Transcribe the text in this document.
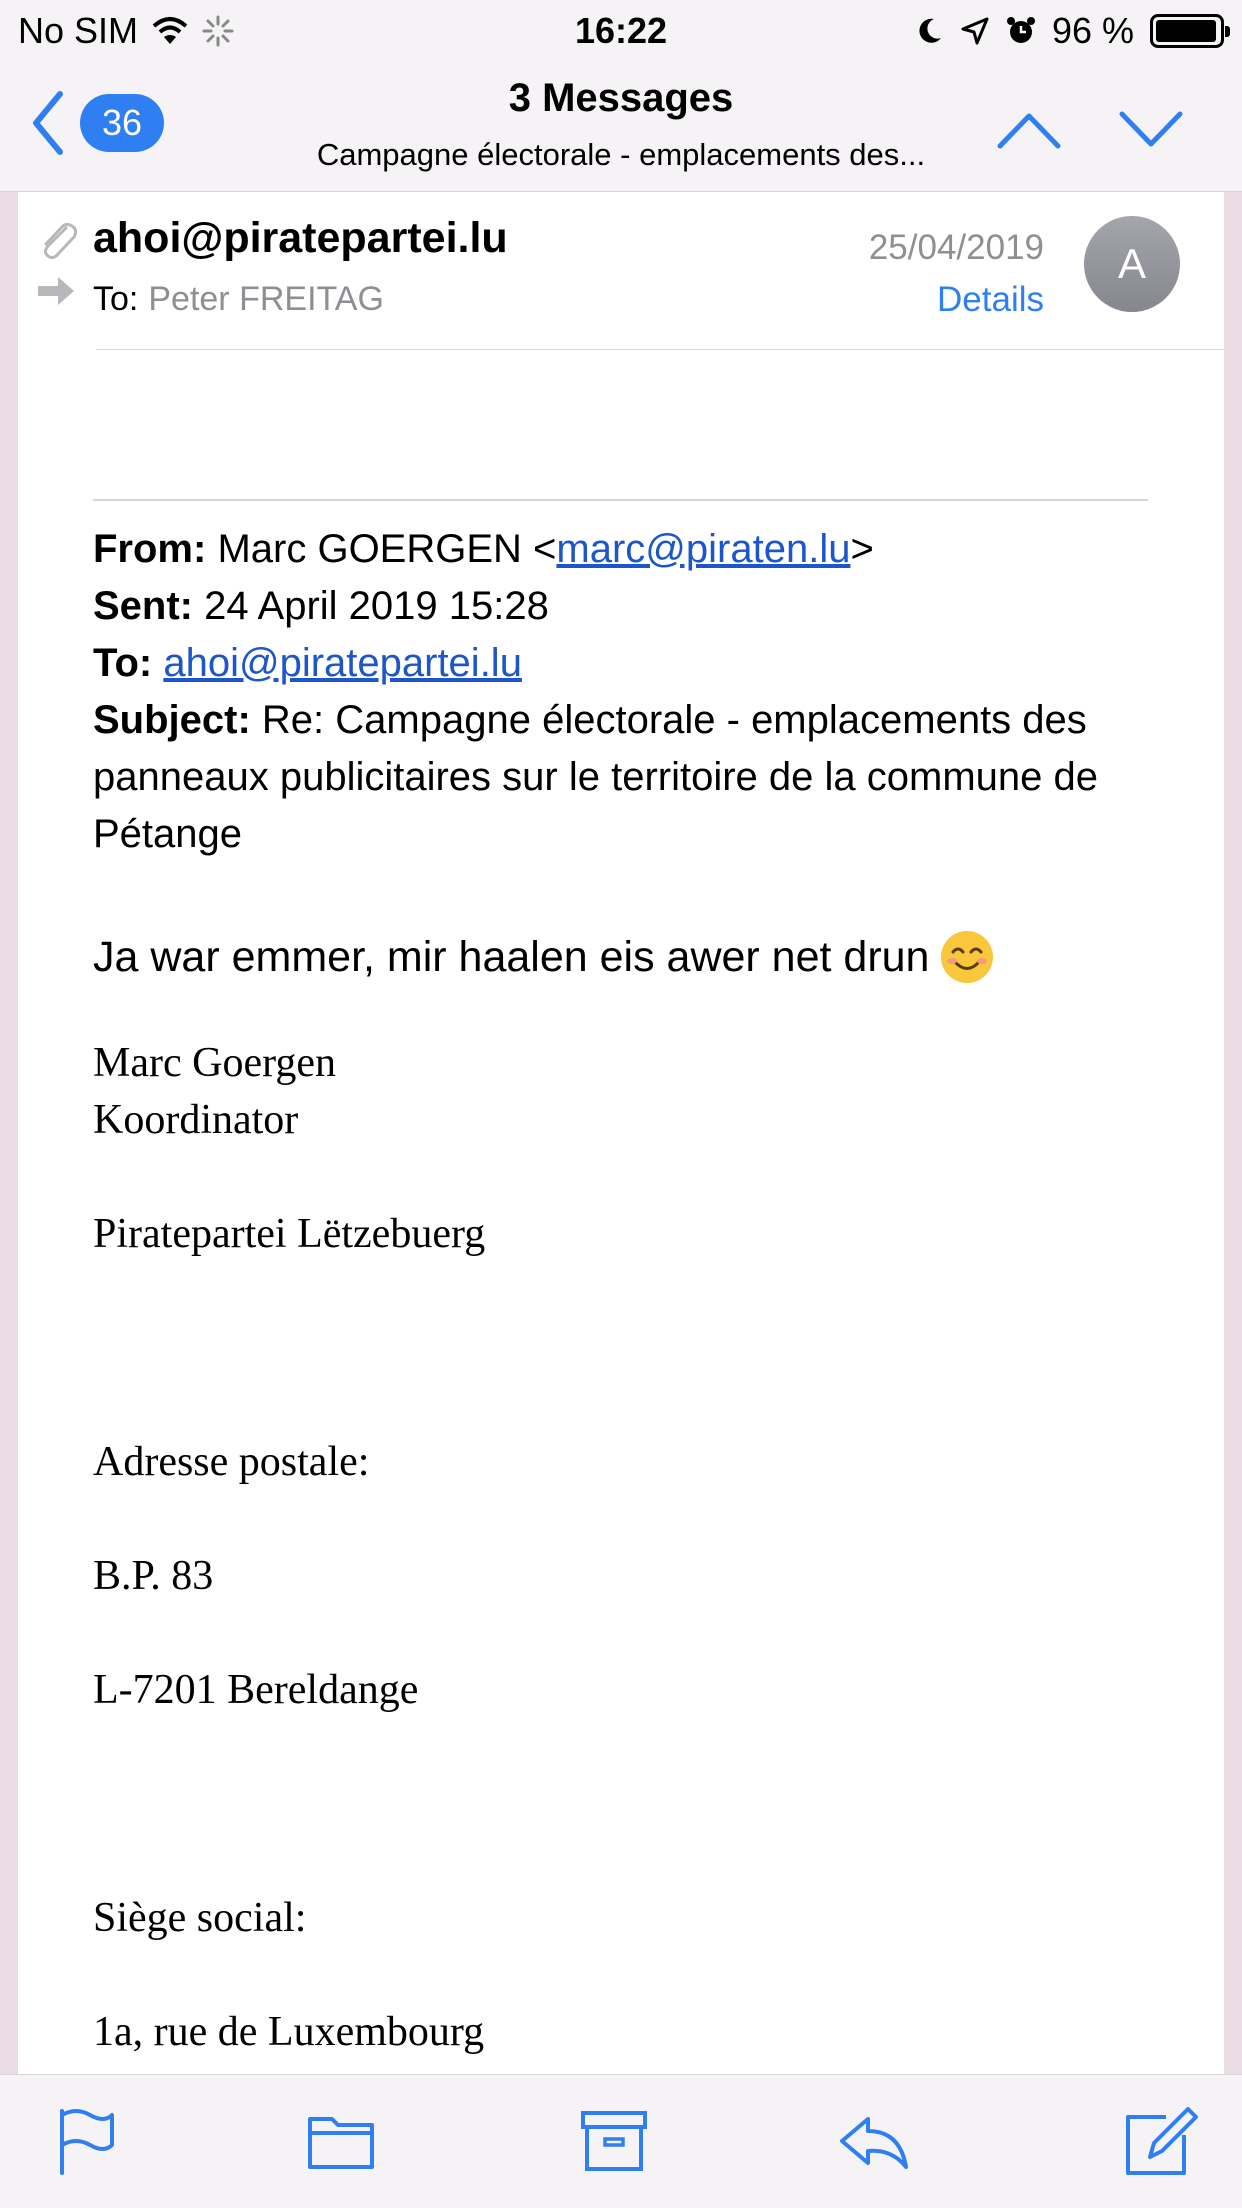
No SIM	16:22	96 %
36
3 Messages
Campagne électorale - emplacements des...
ahoi@piratepartei.lu
To: Peter FREITAG
25/04/2019
Details
A
From: Marc GOERGEN <marc@piraten.lu>
Sent: 24 April 2019 15:28
To: ahoi@piratepartei.lu
Subject: Re: Campagne électorale - emplacements des panneaux publicitaires sur le territoire de la commune de Pétange
Ja war emmer, mir haalen eis awer net drun
Marc Goergen
Koordinator
Piratepartei Lëtzebuerg
Adresse postale:
B.P. 83
L-7201 Bereldange
Siège social:
1a, rue de Luxembourg
